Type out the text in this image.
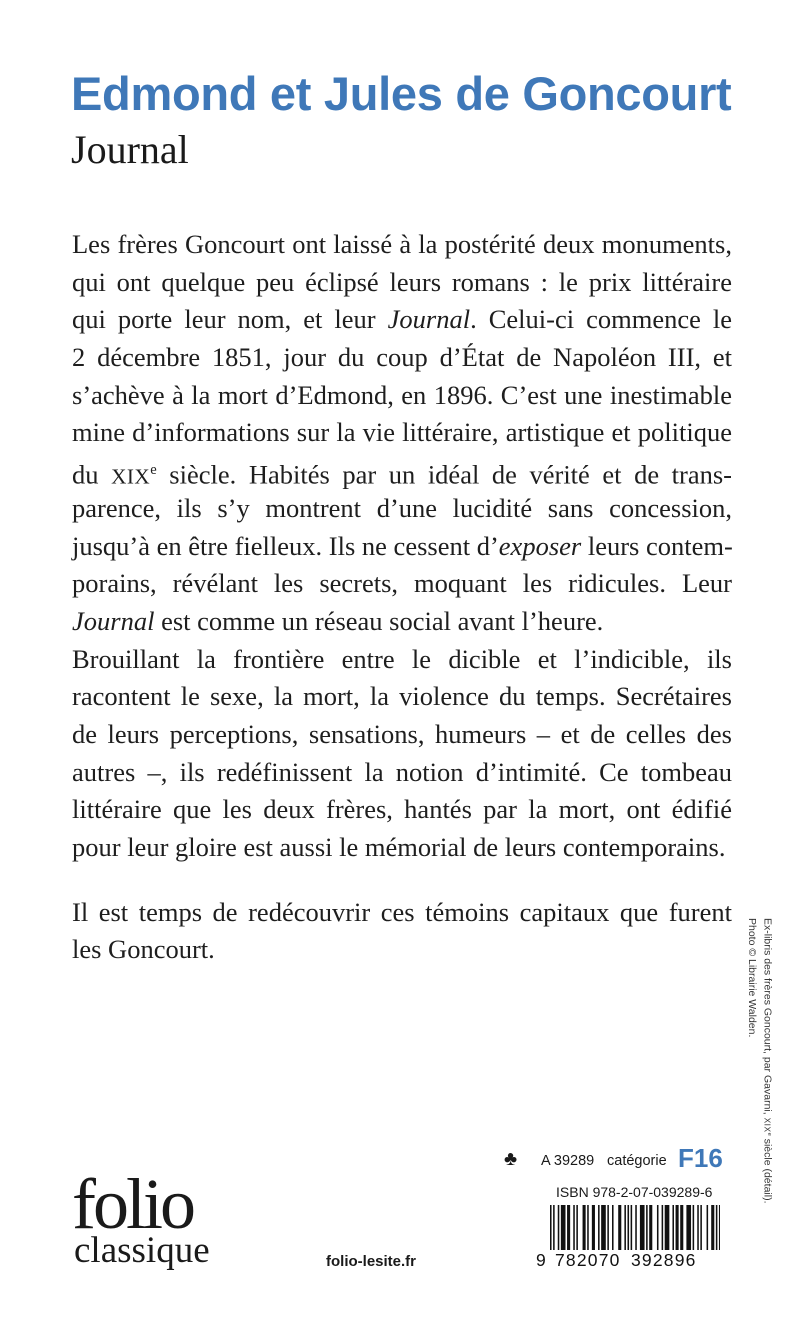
Edmond et Jules de Goncourt
Journal
Les frères Goncourt ont laissé à la postérité deux monuments,
qui ont quelque peu éclipsé leurs romans : le prix littéraire
qui porte leur nom, et leur Journal. Celui-ci commence le
2 décembre 1851, jour du coup d’État de Napoléon III, et
s’achève à la mort d’Edmond, en 1896. C’est une inestimable
mine d’informations sur la vie littéraire, artistique et politique
du XIXe siècle. Habités par un idéal de vérité et de trans-
parence, ils s’y montrent d’une lucidité sans concession,
jusqu’à en être fielleux. Ils ne cessent d’exposer leurs contem-
porains, révélant les secrets, moquant les ridicules. Leur
Journal est comme un réseau social avant l’heure.
Brouillant la frontière entre le dicible et l’indicible, ils
racontent le sexe, la mort, la violence du temps. Secrétaires
de leurs perceptions, sensations, humeurs – et de celles des
autres –, ils redéfinissent la notion d’intimité. Ce tombeau
littéraire que les deux frères, hantés par la mort, ont édifié
pour leur gloire est aussi le mémorial de leurs contemporains.
Il est temps de redécouvrir ces témoins capitaux que furent
les Goncourt.
folio
classique	folio-lesite.fr
♣ A 39289 catégorie F16
ISBN 978-2-07-039289-6
9 782070 392896
Ex-libris des frères Goncourt, par Gavarni, XIXe siècle (détail).
Photo © Librairie Walden.
